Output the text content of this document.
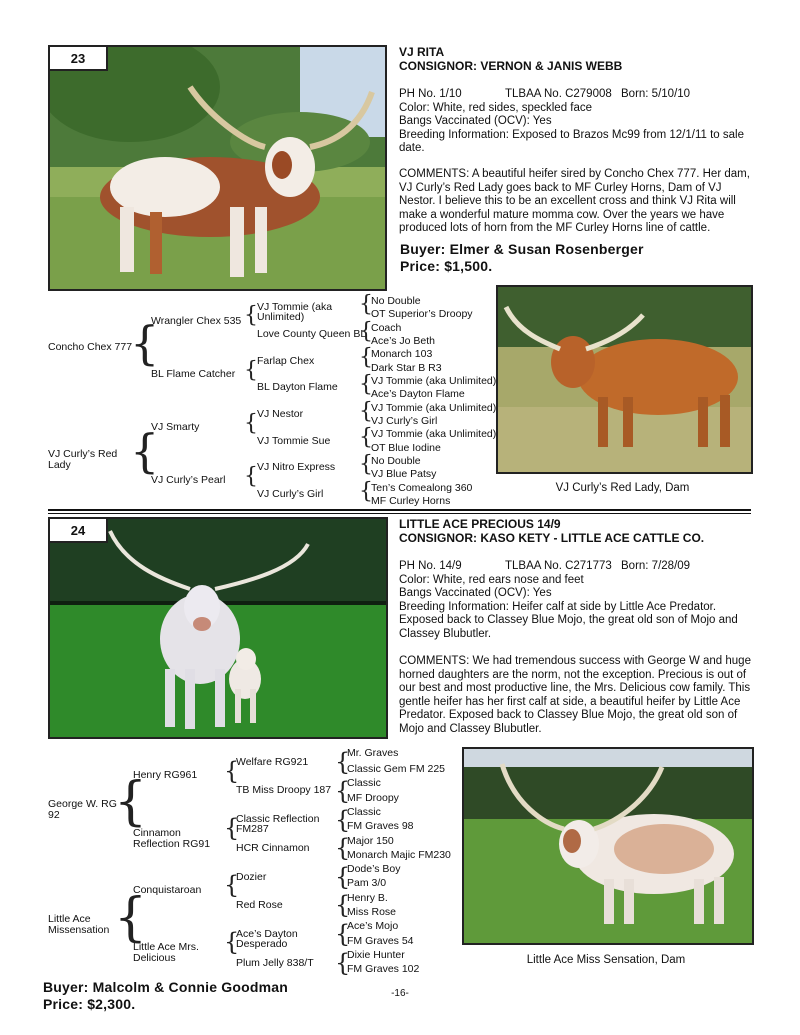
23	VJ RITA
CONSIGNOR: VERNON & JANIS WEBB
PH No. 1/10	TLBAA No. C279008 Born: 5/10/10
Color: White, red sides, speckled face
Bangs Vaccinated (OCV): Yes
Breeding Information: Exposed to Brazos Mc99 from 12/1/11 to sale date.
COMMENTS: A beautiful heifer sired by Concho Chex 777. Her dam, VJ Curly’s Red Lady goes back to MF Curley Horns, Dam of VJ Nestor. I believe this to be an excellent cross and think VJ Rita will make a wonderful mature momma cow. Over the years we have produced lots of horn from the MF Curley Horns line of cattle.
Buyer: Elmer & Susan Rosenberger
Price: $1,500.
Concho Chex 777
VJ Curly’s Red Lady
{
{
Wrangler Chex 535
BL Flame Catcher
VJ Smarty
VJ Curly’s Pearl
{
{
{
{
VJ Tommie (aka Unlimited)
Love County Queen BL
Farlap Chex
BL Dayton Flame
VJ Nestor
VJ Tommie Sue
VJ Nitro Express
VJ Curly’s Girl
{
{
{
{
{
{
{
{
No Double
OT Superior’s Droopy
Coach
Ace’s Jo Beth
Monarch 103
Dark Star B R3
VJ Tommie (aka Unlimited)
Ace’s Dayton Flame
VJ Tommie (aka Unlimited)
VJ Curly’s Girl
VJ Tommie (aka Unlimited)
OT Blue Iodine
No Double
VJ Blue Patsy
Ten’s Comealong 360
MF Curley Horns
VJ Curly’s Red Lady, Dam
24	LITTLE ACE PRECIOUS 14/9
CONSIGNOR: KASO KETY - LITTLE ACE CATTLE CO.
PH No. 14/9	TLBAA No. C271773 Born: 7/28/09
Color: White, red ears nose and feet
Bangs Vaccinated (OCV): Yes
Breeding Information: Heifer calf at side by Little Ace Predator. Exposed back to Classey Blue Mojo, the great old son of Mojo and Classey Blubutler.
COMMENTS: We had tremendous success with George W and huge horned daughters are the norm, not the exception. Precious is out of our best and most productive line, the Mrs. Delicious cow family. This gentle heifer has her first calf at side, a beautiful heifer by Little Ace Predator. Exposed back to Classey Blue Mojo, the great old son of Mojo and Classey Blubutler.
George W. RG 92
Little Ace Missensation
{
{
Henry RG961
Cinnamon Reflection RG91
Conquistaroan
Little Ace Mrs. Delicious
{
{
{
{
Welfare RG921
TB Miss Droopy 187
Classic Reflection FM287
HCR Cinnamon
Dozier
Red Rose
Ace’s Dayton Desperado
Plum Jelly 838/T
{
{
{
{
{
{
{
{
Mr. Graves
Classic Gem FM 225
Classic
MF Droopy
Classic
FM Graves 98
Major 150
Monarch Majic FM230
Dode’s Boy
Pam 3/0
Henry B.
Miss Rose
Ace’s Mojo
FM Graves 54
Dixie Hunter
FM Graves 102
Little Ace Miss Sensation, Dam
Buyer: Malcolm & Connie Goodman
Price: $2,300.
-16-
